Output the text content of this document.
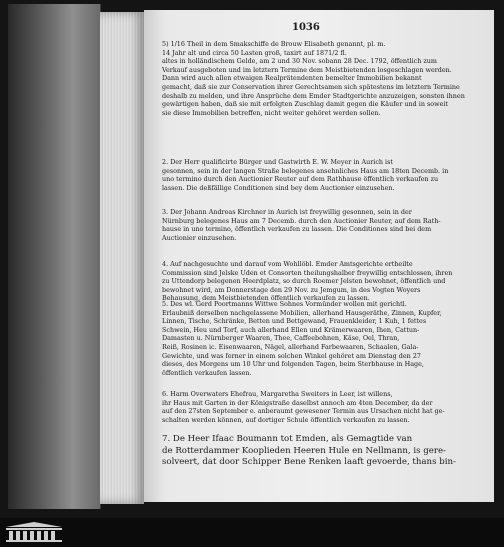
1036
5) 1/16 Theil in dem Smakschiffe de Brouw Elisabeth genannt, pl. m.
14 Jahr alt und circa 50 Lasten groß, taxirt auf 1871/2 fl.
altes in holländischem Gelde, am 2 und 30 Nov. sobann 28 Dec. 1792, öffentlich zum
Verkauf ausgeboten und im letztern Termine dem Meistbietenden losgeschlagen werden.
Dann wird auch allen etwaigen Realprätendenten bemelter Immobilien bekannt
gemacht, daß sie zur Conservation ihrer Gerechtsamen sich spätestens im letztern Termine
deshalb zu melden, und ihre Ansprüche dem Emder Stadtgerichte anzuzeigen, sonsten ihnen
gewärtigen haben, daß sie mit erfolgten Zuschlag damit gegen die Käufer und in soweit
sie diese Immobilien betreffen, nicht weiter gehöret werden sollen.
2. Der Herr qualificirte Bürger und Gastwirth E. W. Meyer in Aurich ist
gesonnen, sein in der langen Straße belegenes ansehnliches Haus am 18ten Decemb. in
uno termino durch den Auctionier Reuter auf dem Rathhause öffentlich verkaufen zu
lassen. Die deßfällige Conditionen sind bey dem Auctionier einzusehen.
3. Der Johann Andreas Kirchner in Aurich ist freywillig gesonnen, sein in der
Nürnburg belegenes Haus am 7 Decemb. durch den Auctionier Reuter, auf dem Rath-
hause in uno termino, öffentlich verkaufen zu lassen. Die Conditiones sind bei dem
Auctionier einzusehen.
4. Auf nachgesuchte und darauf vom Wohllöbl. Emder Amtsgerichte ertheilte
Commission sind Jelske Uden et Consorten theilungshalber freywillig entschlossen, ihren
zu Uttendorp belegenen Heerdplatz, so durch Roemer Jelsten bewohnet, öffentlich und
bewohnet wird, am Donnerstage den 29 Nov. zu Jemgum, in des Vogten Woyers
Behausung, dem Meistbietenden öffentlich verkaufen zu lassen.
5. Des wl. Gerd Poortmanns Wittwe Sohnes Vormünder wollen mit gerichtl.
Erlaubniß derselben nachgelassene Mobilien, allerhand Hausgeräthe, Zinnen, Kupfer,
Linnen, Tische, Schränke, Betten und Bettgewand, Frauenkleider, 1 Kuh, 1 fettes
Schwein, Heu und Torf, auch allerhand Ellen und Krämerwaaren, Ihen, Cattun-
Damasten u. Nürnberger Waaren, Thee, Caffeebohnen, Käse, Oel, Thran,
Reiß, Rosinen ic. Eisenwaaren, Nägel, allerhand Farbewaaren, Schaalen, Gala-
Gewichte, und was ferner in einem solchen Winkel gehöret am Dienstag den 27
dieses, des Morgens um 10 Uhr und folgenden Tagen, beim Sterbhause in Hage,
öffentlich verkaufen lassen.
6. Harm Overwaters Ehefrau, Margaretha Sweiters in Leer, ist willens,
ihr Haus mit Garten in der Königstraße daselbst annoch am 4ten December, da der
auf den 27sten September e. anberaumt gewesener Termin aus Ursachen nicht hat ge-
schalten werden können, auf dortiger Schule öffentlich verkaufen zu lassen.
7. De Heer Ifaac Boumann tot Emden, als Gemagtide van
de Rotterdammer Kooplieden Heeren Hule en Nellmann, is gere-
solveert, dat door Schipper Bene Renken laaft gevoerde, thans bin-
